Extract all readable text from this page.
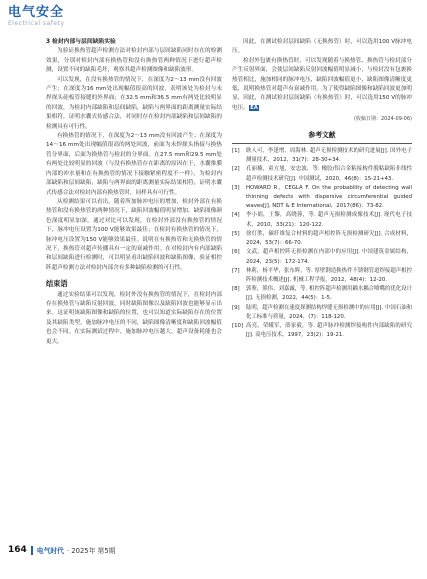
电气安全
Electrical safety

3 检封内部与层间缺陷实验

为验证换热管超声检测方法对检封内部与层间缺陷同时存在的检测效果，分别对检封内部有换热管和没有换热管两种情况下进行超声检测，设置不同的缺陷毛坯，观察其超声检测图像和缺陷波形。

可以发现，在没有换热管的情况下，在深度为2～13 mm没有回波产生；在深度为16 mm处出现幅值很高的回波，表明该处为检封与未焊探头硅板管接缝的外界面；在32.5 mm和36.5 mm有两处比较明显的回波，为检封内部缺陷和层间缺陷，缺陷与两界面的距离测量实际结果相符，证明水囊式传感合法，对同时存在检封内部缺陷和层间缺陷的检测具有可行性。

有换热管的情况下，在深度为2～13 mm没有回波产生；在深度为14～16 mm处出现幅值很高的两处回波，前面为未焊探头指接与换热管分界面，后面为换热管与检封的分界面。在27.5 mm和29.5 mm处有两处比较明显的回波（与没有换热管存在距离的原因在于，水囊推膜内部的冲水量和在有换热管的情况下接触紧密程度不一样），为检封内部缺陷和层间缺陷，缺陷与两界面的距离测量实际结果相符，证明水囊式传感合法对检封内部有换热管时，同样具有可行性。

从检测结果可以看出，随着所加脉冲电压的增加，检封外部在有换热管和没有换热管的两种情况下，缺陷回波幅值明显增加，缺陷图像颜色深度明显加深，通过对比可以发现，在检封外部没有换热管的情况下，脉冲电压设置为100 V能够效果最佳；在检封有换热管的情况下，脉冲电压设置为150 V能够效果最佳。说明在有换热管和无换热管的情况下，换热管对超声传播具有一定的衰减作用。在对检封内有内部缺陷和层间缺陷进行检测时，可以明显看出缺陷回波和缺陷图像，验证相控阵超声检测方法对检封内部含有多种缺陷检测的可行性。

结束语

通过实验结果可以发现，检封外没有换热管的情况下，在检封内部存在换热管与缺陷反射回波，同时缺陷图像以及缺陷回波也能够显示出来。这证明该缺陷图像和缺陷的位置，也可以知道实际缺陷存在的位置及其缺陷类型。施加脉冲电压的不同，缺陷图像清晰度和缺陷回波幅值也会不同。在实际测试过程中，施加脉冲电压越大，超声设备耗能也会更大。

因此，在测试检封层间缺陷（无换热管）时，可以选用100 V脉冲电压。

检封外包裹有换热管时，可以发现随着与换热管、换热管与检封部分产生反射界面，会使层间缺陷反射回波幅值明显减小，与检封没有包裹换热管相比，施加相同的脉冲电压，缺陷回波幅值更小，缺陷图像清晰度更低，说明换热管对超声有衰减作用。为了使得缺陷图像和缺陷回波更加明显，因此，在测试检封层间缺陷（有换热管）时，可以选用150 V的脉冲电压。 EA

(收稿日期：2024-09-06)
参考文献
[1]	耿人可，李逢增，周海林. 超声无损检测技术的研究进展[J]. 国外电子测量技术，2012，31(7)：28-30+34.
[2]	孔丽楠，童方旭，安忠波，等. 橡胶/铝合金粘接构件脱粘缺陷非线性超声检测技术研究[J]. 中国测试，2020，46(8)：15-21+43.
[3]	HOWARD R，CEGLA F. On the probability of detecting wall thinning defects with dispersive circumferential guided waves[J]. NDT & E International，2017(86)：73-82.
[4]	李小娟，王黎，高晓蓉，等. 超声无损检测成像技术[J]. 现代电子技术，2010，33(21)：120-122.
[5]	徐灯胜，碳纤维复合材料的超声相控阵无损检测研究[J]. 合成材料，2024，53(7)：66-70.
[6]	文武，超声相控阵无损检测在内部中的应用[J]. 中国建筑金属结构，2024，23(5)：172-174.
[7]	林莉，杨平华，张东辉，等. 厚壁钢造换热件不锈钢管道焊接超声相控阵检测技术概述[J]. 机械工程学报，2012，48(4)：12-20.
[8]	郭鉴，熊伟，刘嘉露，等. 相控阵超声检测用耦水耦合喷嘴的优化设计[J]. 无损检测，2022，44(5)：1-5.
[9]	陆明，超声检测在速度探测结构焊缝无损检测中的应用[J]. 中国石油和化工标准与质量，2024，(7)：118-120.
[10] 高亮，荣曦军，薛家毅，等. 超声脉冲检测焊接构件内部缺陷的研究[J]. 高电压技术，1997，23(2)：19-21.
164 电气时代 · 2025年 第5期
